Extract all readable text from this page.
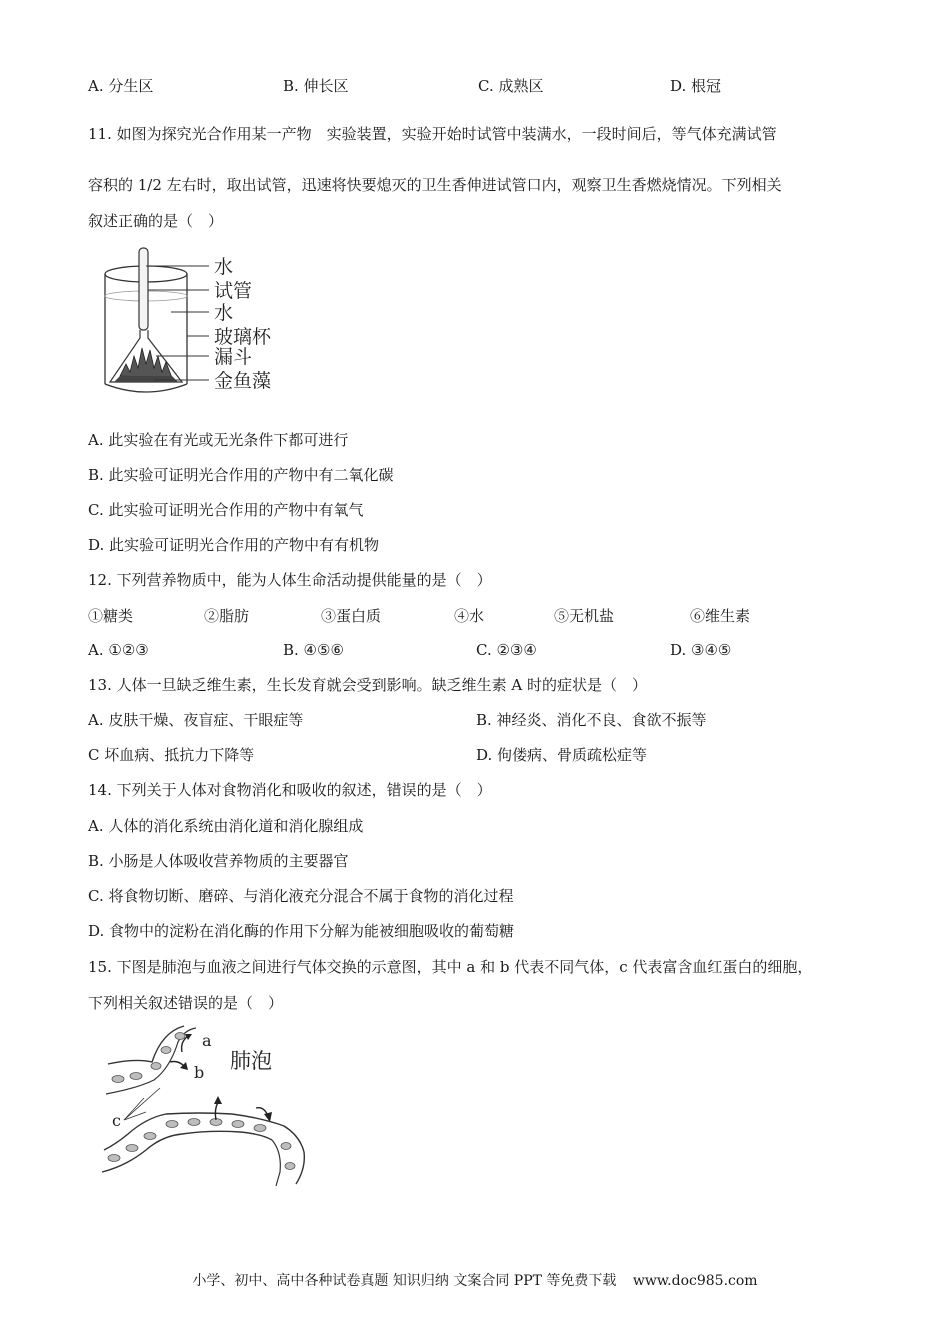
A. 分生区	B. 伸长区	C. 成熟区	D. 根冠
11. 如图为探究光合作用某一产物　实验装置，实验开始时试管中装满水，一段时间后，等气体充满试管
容积的 1/2 左右时，取出试管，迅速将快要熄灭的卫生香伸进试管口内，观察卫生香燃烧情况。下列相关
叙述正确的是（　）
水
试管
水
玻璃杯
漏斗
金鱼藻
A. 此实验在有光或无光条件下都可进行
B. 此实验可证明光合作用的产物中有二氧化碳
C. 此实验可证明光合作用的产物中有氧气
D. 此实验可证明光合作用的产物中有有机物
12. 下列营养物质中，能为人体生命活动提供能量的是（　）
①糖类	②脂肪	③蛋白质	④水	⑤无机盐	⑥维生素
A. ①②③	B. ④⑤⑥	C. ②③④	D. ③④⑤
13. 人体一旦缺乏维生素，生长发育就会受到影响。缺乏维生素 A 时的症状是（　）
A. 皮肤干燥、夜盲症、干眼症等	B. 神经炎、消化不良、食欲不振等
C 坏血病、抵抗力下降等	D. 佝偻病、骨质疏松症等
14. 下列关于人体对食物消化和吸收的叙述，错误的是（　）
A. 人体的消化系统由消化道和消化腺组成
B. 小肠是人体吸收营养物质的主要器官
C. 将食物切断、磨碎、与消化液充分混合不属于食物的消化过程
D. 食物中的淀粉在消化酶的作用下分解为能被细胞吸收的葡萄糖
15. 下图是肺泡与血液之间进行气体交换的示意图，其中 a 和 b 代表不同气体，c 代表富含血红蛋白的细胞，
下列相关叙述错误的是（　）
a
b 肺泡
c
小学、初中、高中各种试卷真题 知识归纳 文案合同 PPT 等免费下载 www.doc985.com
